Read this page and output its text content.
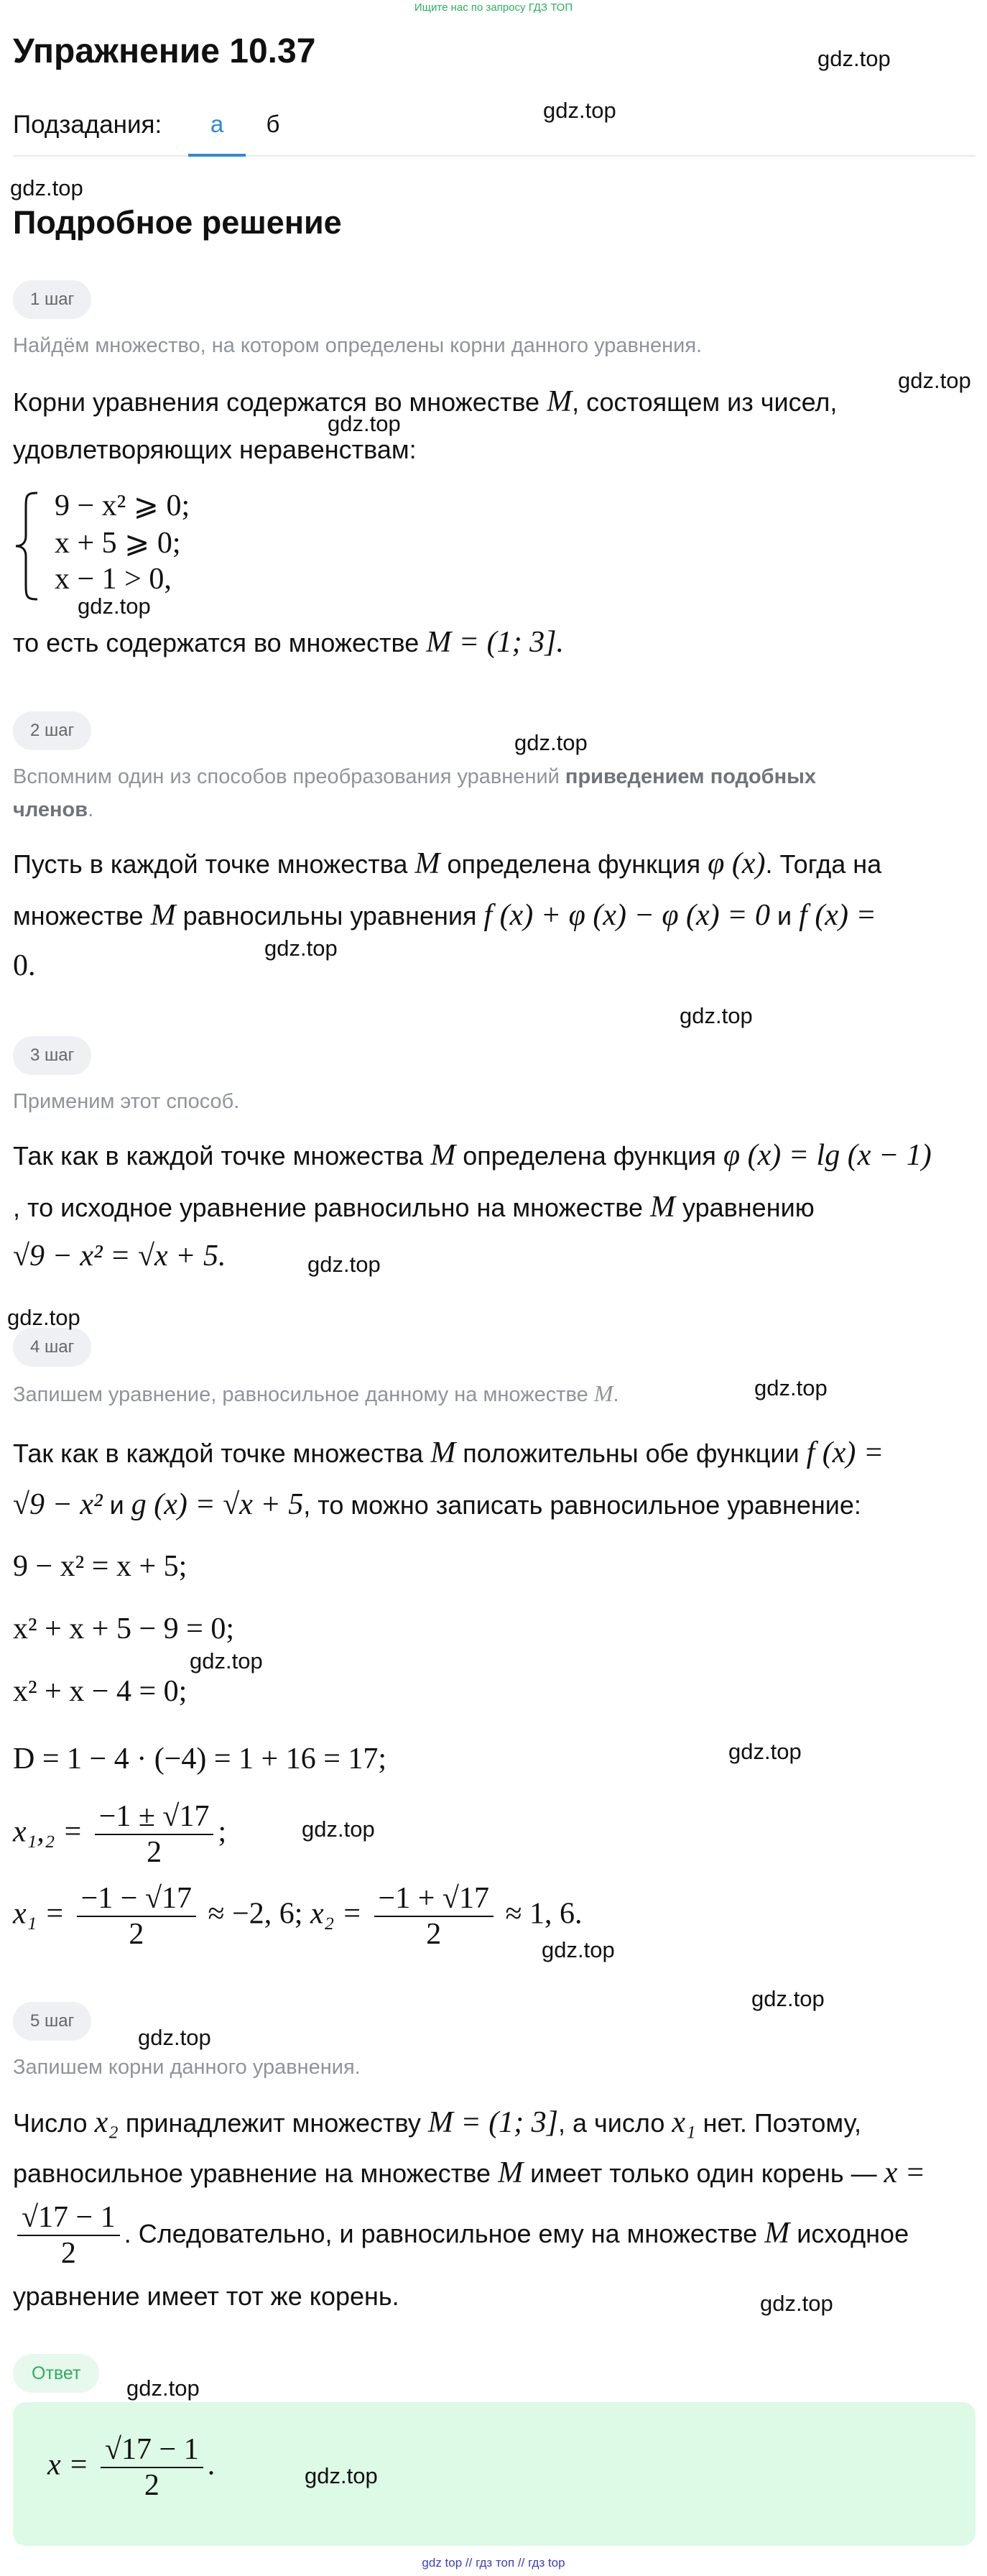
Ищите нас по запросу ГДЗ ТОП
Упражнение 10.37
Подзадания:	а	б
Подробное решение
1 шаг
Найдём множество, на котором определены корни данного уравнения.
Корни уравнения содержатся во множестве M, состоящем из чисел,
удовлетворяющих неравенствам:
9 − x² ⩾ 0;
x + 5 ⩾ 0;
x − 1 > 0,
то есть содержатся во множестве M = (1; 3].
2 шаг
Вспомним один из способов преобразования уравнений приведением подобных
членов.
Пусть в каждой точке множества M определена функция φ (x). Тогда на
множестве M равносильны уравнения f (x) + φ (x) − φ (x) = 0 и f (x) =
0.
3 шаг
Применим этот способ.
Так как в каждой точке множества M определена функция φ (x) = lg (x − 1)
, то исходное уравнение равносильно на множестве M уравнению
√9 − x² = √x + 5.
4 шаг
Запишем уравнение, равносильное данному на множестве M.
Так как в каждой точке множества M положительны обе функции f (x) =
√9 − x² и g (x) = √x + 5, то можно записать равносильное уравнение:
9 − x² = x + 5;
x² + x + 5 − 9 = 0;
x² + x − 4 = 0;
D = 1 − 4 · (−4) = 1 + 16 = 17;
$x_1,_2 = \frac{-1 \pm √17}{2}$ ;
$x_1 = \frac{-1 - √17}{2} \approx -2$, 6; $x_2 = \frac{-1 + √17}{2} \approx 1$, 6.
5 шаг
Запишем корни данного уравнения.
Число x₂ принадлежит множеству M = (1; 3], а число x₁ нет. Поэтому,
равносильное уравнение на множестве M имеет только один корень — x =
$\frac{√17 - 1}{2}$ . Следовательно, и равносильное ему на множестве M исходное
уравнение имеет тот же корень.
Ответ
$x = \frac{√17 - 1}{2}$ .
gdz.top
gdz.top
gdz.top
gdz.top
gdz.top
gdz.top
gdz.top
gdz.top
gdz.top
gdz.top
gdz.top
gdz.top
gdz.top
gdz.top
gdz.top
gdz.top
gdz.top
gdz.top
gdz.top
gdz.top
gdz.top
gdz top // гдз топ // гдз top
